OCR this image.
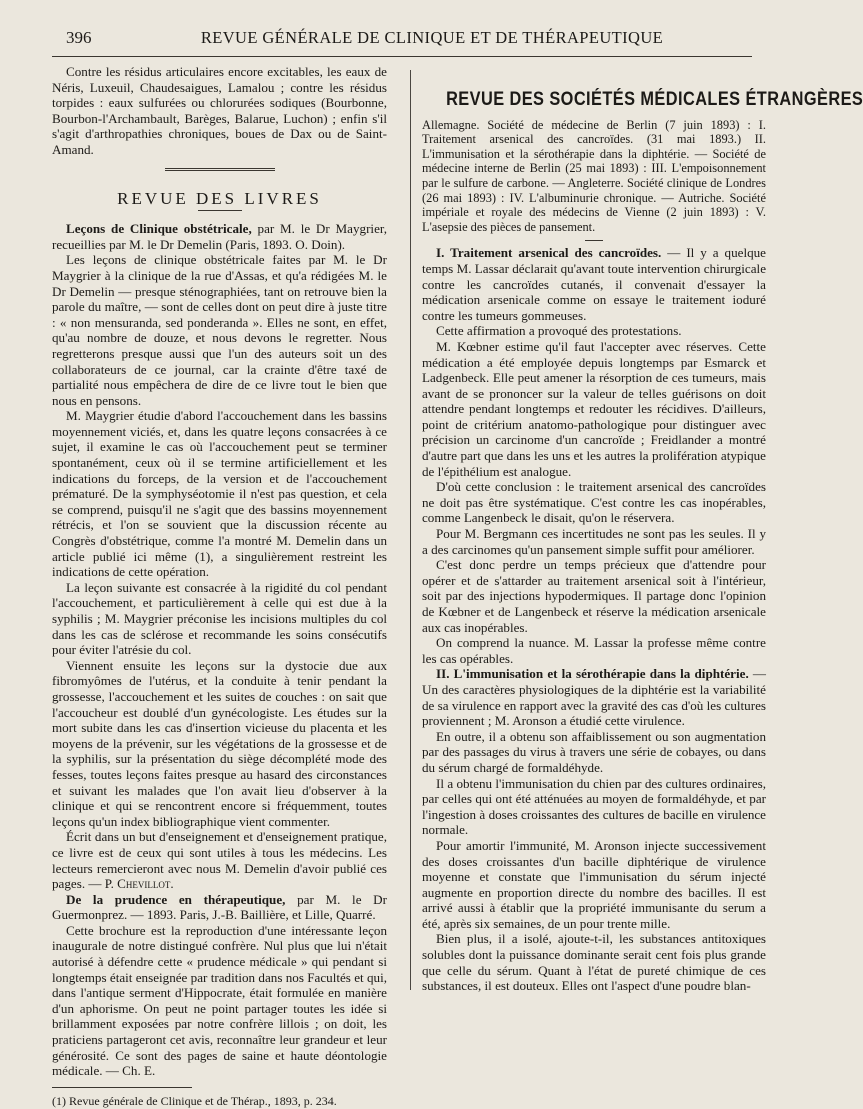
396	REVUE GÉNÉRALE DE CLINIQUE ET DE THÉRAPEUTIQUE

Contre les résidus articulaires encore excitables, les eaux de Néris, Luxeuil, Chaudesaigues, Lamalou ; contre les résidus torpides : eaux sulfurées ou chlorurées sodiques (Bourbonne, Bourbon-l'Archambault, Barèges, Balarue, Luchon) ; enfin s'il s'agit d'arthropathies chroniques, boues de Dax ou de Saint-Amand.

REVUE DES LIVRES

Leçons de Clinique obstétricale, par M. le Dr Maygrier, recueillies par M. le Dr Demelin (Paris, 1893. O. Doin).

Les leçons de clinique obstétricale faites par M. le Dr Maygrier à la clinique de la rue d'Assas, et qu'a rédigées M. le Dr Demelin — presque sténographiées, tant on retrouve bien la parole du maître, — sont de celles dont on peut dire à juste titre : « non mensuranda, sed ponderanda ». Elles ne sont, en effet, qu'au nombre de douze, et nous devons le regretter. Nous regretterons presque aussi que l'un des auteurs soit un des collaborateurs de ce journal, car la crainte d'être taxé de partialité nous empêchera de dire de ce livre tout le bien que nous en pensons.

M. Maygrier étudie d'abord l'accouchement dans les bassins moyennement viciés, et, dans les quatre leçons consacrées à ce sujet, il examine le cas où l'accouchement peut se terminer spontanément, ceux où il se termine artificiellement et les indications du forceps, de la version et de l'accouchement prématuré. De la symphyséotomie il n'est pas question, et cela se comprend, puisqu'il ne s'agit que des bassins moyennement rétrécis, et l'on se souvient que la discussion récente au Congrès d'obstétrique, comme l'a montré M. Demelin dans un article publié ici même (1), a singulièrement restreint les indications de cette opération.

La leçon suivante est consacrée à la rigidité du col pendant l'accouchement, et particulièrement à celle qui est due à la syphilis ; M. Maygrier préconise les incisions multiples du col dans les cas de sclérose et recommande les soins consécutifs pour éviter l'atrésie du col.

Viennent ensuite les leçons sur la dystocie due aux fibromyômes de l'utérus, et la conduite à tenir pendant la grossesse, l'accouchement et les suites de couches : on sait que l'accoucheur est doublé d'un gynécologiste. Les études sur la mort subite dans les cas d'insertion vicieuse du placenta et les moyens de la prévenir, sur les végétations de la grossesse et de la syphilis, sur la présentation du siège décomplété mode des fesses, toutes leçons faites presque au hasard des circonstances et suivant les malades que l'on avait lieu d'observer à la clinique et qui se rencontrent encore si fréquemment, toutes leçons qu'un index bibliographique vient commenter.

Écrit dans un but d'enseignement et d'enseignement pratique, ce livre est de ceux qui sont utiles à tous les médecins. Les lecteurs remercieront avec nous M. Demelin d'avoir publié ces pages. — P. Chevillot.

De la prudence en thérapeutique, par M. le Dr Guermonprez. — 1893. Paris, J.-B. Baillière, et Lille, Quarré.

Cette brochure est la reproduction d'une intéressante leçon inaugurale de notre distingué confrère. Nul plus que lui n'était autorisé à défendre cette « prudence médicale » qui pendant si longtemps était enseignée par tradition dans nos Facultés et qui, dans l'antique serment d'Hippocrate, était formulée en manière d'un aphorisme. On peut ne point partager toutes les idée si brillamment exposées par notre confrère lillois ; on doit, les praticiens partageront cet avis, reconnaître leur grandeur et leur générosité. Ce sont des pages de saine et haute déontologie médicale. — Ch. E.

(1) Revue générale de Clinique et de Thérap., 1893, p. 234.

REVUE DES SOCIÉTÉS MÉDICALES ÉTRANGÈRES

Allemagne. Société de médecine de Berlin (7 juin 1893) : I. Traitement arsenical des cancroïdes. (31 mai 1893.) II. L'immunisation et la sérothérapie dans la diphtérie. — Société de médecine interne de Berlin (25 mai 1893) : III. L'empoisonnement par le sulfure de carbone. — Angleterre. Société clinique de Londres (26 mai 1893) : IV. L'albuminurie chronique. — Autriche. Société impériale et royale des médecins de Vienne (2 juin 1893) : V. L'asepsie des pièces de pansement.

I. Traitement arsenical des cancroïdes. — Il y a quelque temps M. Lassar déclarait qu'avant toute intervention chirurgicale contre les cancroïdes cutanés, il convenait d'essayer la médication arsenicale comme on essaye le traitement ioduré contre les tumeurs gommeuses.

Cette affirmation a provoqué des protestations.

M. Kœbner estime qu'il faut l'accepter avec réserves. Cette médication a été employée depuis longtemps par Esmarck et Ladgenbeck. Elle peut amener la résorption de ces tumeurs, mais avant de se prononcer sur la valeur de telles guérisons on doit attendre pendant longtemps et redouter les récidives. D'ailleurs, point de critérium anatomo-pathologique pour distinguer avec précision un carcinome d'un cancroïde ; Freidlander a montré d'autre part que dans les uns et les autres la prolifération atypique de l'épithélium est analogue.

D'où cette conclusion : le traitement arsenical des cancroïdes ne doit pas être systématique. C'est contre les cas inopérables, comme Langenbeck le disait, qu'on le réservera.

Pour M. Bergmann ces incertitudes ne sont pas les seules. Il y a des carcinomes qu'un pansement simple suffit pour améliorer.

C'est donc perdre un temps précieux que d'attendre pour opérer et de s'attarder au traitement arsenical soit à l'intérieur, soit par des injections hypodermiques. Il partage donc l'opinion de Kœbner et de Langenbeck et réserve la médication arsenicale aux cas inopérables.

On comprend la nuance. M. Lassar la professe même contre les cas opérables.

II. L'immunisation et la sérothérapie dans la diphtérie. — Un des caractères physiologiques de la diphtérie est la variabilité de sa virulence en rapport avec la gravité des cas d'où les cultures proviennent ; M. Aronson a étudié cette virulence.

En outre, il a obtenu son affaiblissement ou son augmentation par des passages du virus à travers une série de cobayes, ou dans du sérum chargé de formaldéhyde.

Il a obtenu l'immunisation du chien par des cultures ordinaires, par celles qui ont été atténuées au moyen de formaldéhyde, et par l'ingestion à doses croissantes des cultures de bacille en virulence normale.

Pour amortir l'immunité, M. Aronson injecte successivement des doses croissantes d'un bacille diphtérique de virulence moyenne et constate que l'immunisation du sérum injecté augmente en proportion directe du nombre des bacilles. Il est arrivé aussi à établir que la propriété immunisante du serum a été, après six semaines, de un pour trente mille.

Bien plus, il a isolé, ajoute-t-il, les substances antitoxiques solubles dont la puissance dominante serait cent fois plus grande que celle du sérum. Quant à l'état de pureté chimique de ces substances, il est douteux. Elles ont l'aspect d'une poudre blan-
